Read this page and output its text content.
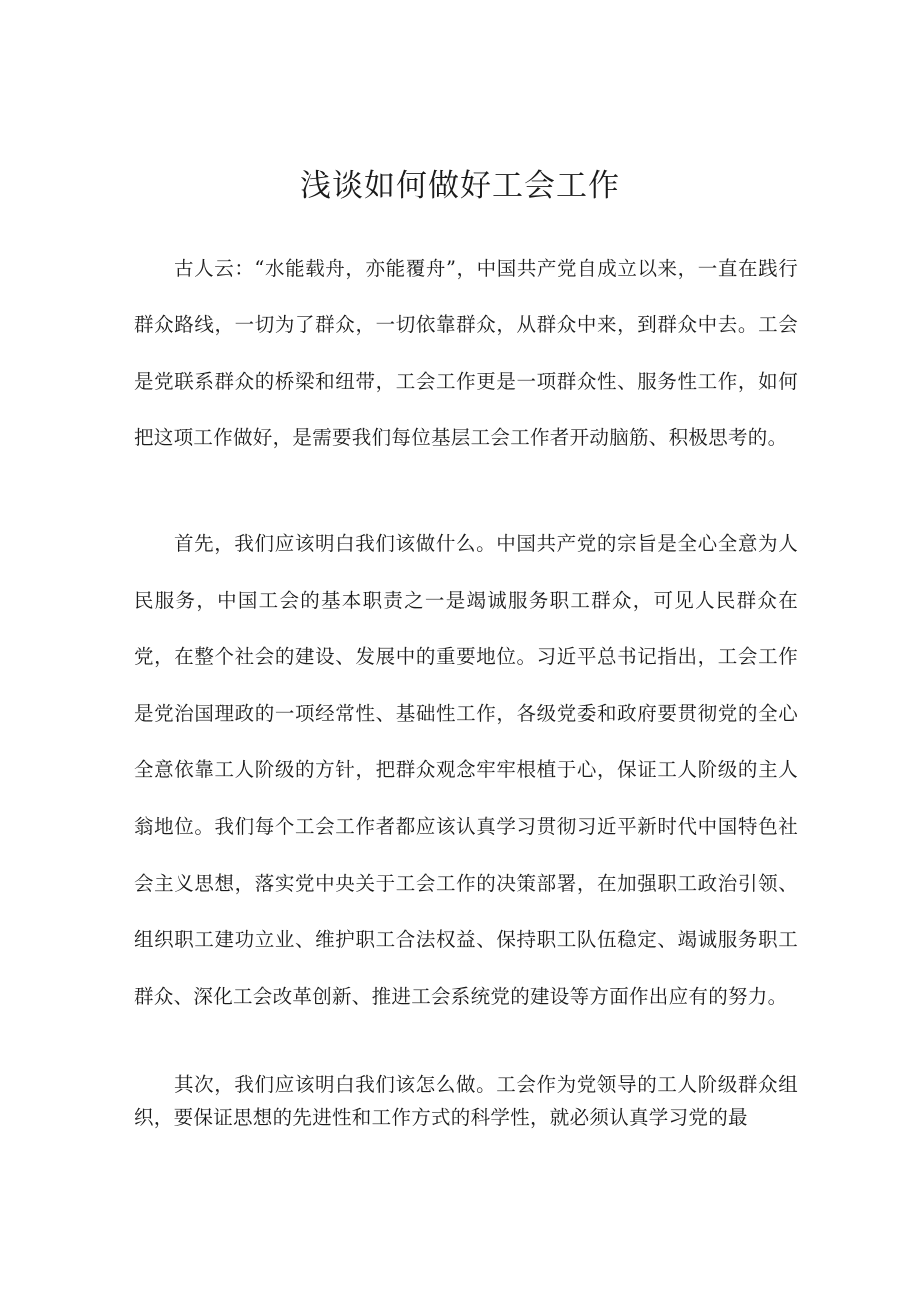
浅谈如何做好工会工作

古人云：“水能载舟，亦能覆舟”，中国共产党自成立以来，一直在践行群众路线，一切为了群众，一切依靠群众，从群众中来，到群众中去。工会是党联系群众的桥梁和纽带，工会工作更是一项群众性、服务性工作，如何把这项工作做好，是需要我们每位基层工会工作者开动脑筋、积极思考的。

首先，我们应该明白我们该做什么。中国共产党的宗旨是全心全意为人民服务，中国工会的基本职责之一是竭诚服务职工群众，可见人民群众在党，在整个社会的建设、发展中的重要地位。习近平总书记指出，工会工作是党治国理政的一项经常性、基础性工作，各级党委和政府要贯彻党的全心全意依靠工人阶级的方针，把群众观念牢牢根植于心，保证工人阶级的主人翁地位。我们每个工会工作者都应该认真学习贯彻习近平新时代中国特色社会主义思想，落实党中央关于工会工作的决策部署，在加强职工政治引领、组织职工建功立业、维护职工合法权益、保持职工队伍稳定、竭诚服务职工群众、深化工会改革创新、推进工会系统党的建设等方面作出应有的努力。

其次，我们应该明白我们该怎么做。工会作为党领导的工人阶级群众组织，要保证思想的先进性和工作方式的科学性，就必须认真学习党的最
